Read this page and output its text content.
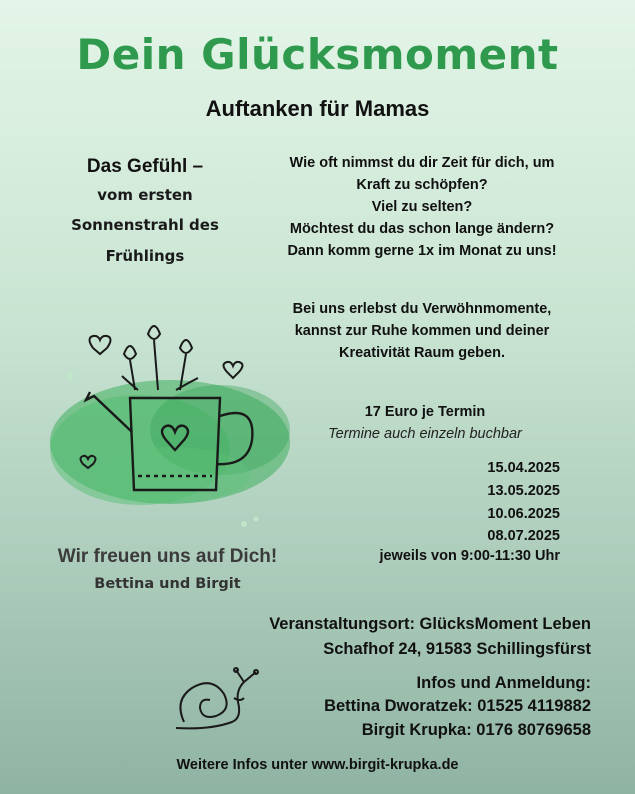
Dein Glücksmoment
Auftanken für Mamas
Das Gefühl –
vom ersten
Sonnenstrahl des
Frühlings
Wie oft nimmst du dir Zeit für dich, um
Kraft zu schöpfen?
Viel zu selten?
Möchtest du das schon lange ändern?
Dann komm gerne 1x im Monat zu uns!
Bei uns erlebst du Verwöhnmomente,
kannst zur Ruhe kommen und deiner
Kreativität Raum geben.
17 Euro je Termin
Termine auch einzeln buchbar
15.04.2025
13.05.2025
10.06.2025
08.07.2025
jeweils von 9:00-11:30 Uhr
Wir freuen uns auf Dich!
Bettina und Birgit
Veranstaltungsort: GlücksMoment Leben
Schafhof 24, 91583 Schillingsfürst
Infos und Anmeldung:
Bettina Dworatzek: 01525 4119882
Birgit Krupka: 0176 80769658
Weitere Infos unter www.birgit-krupka.de
